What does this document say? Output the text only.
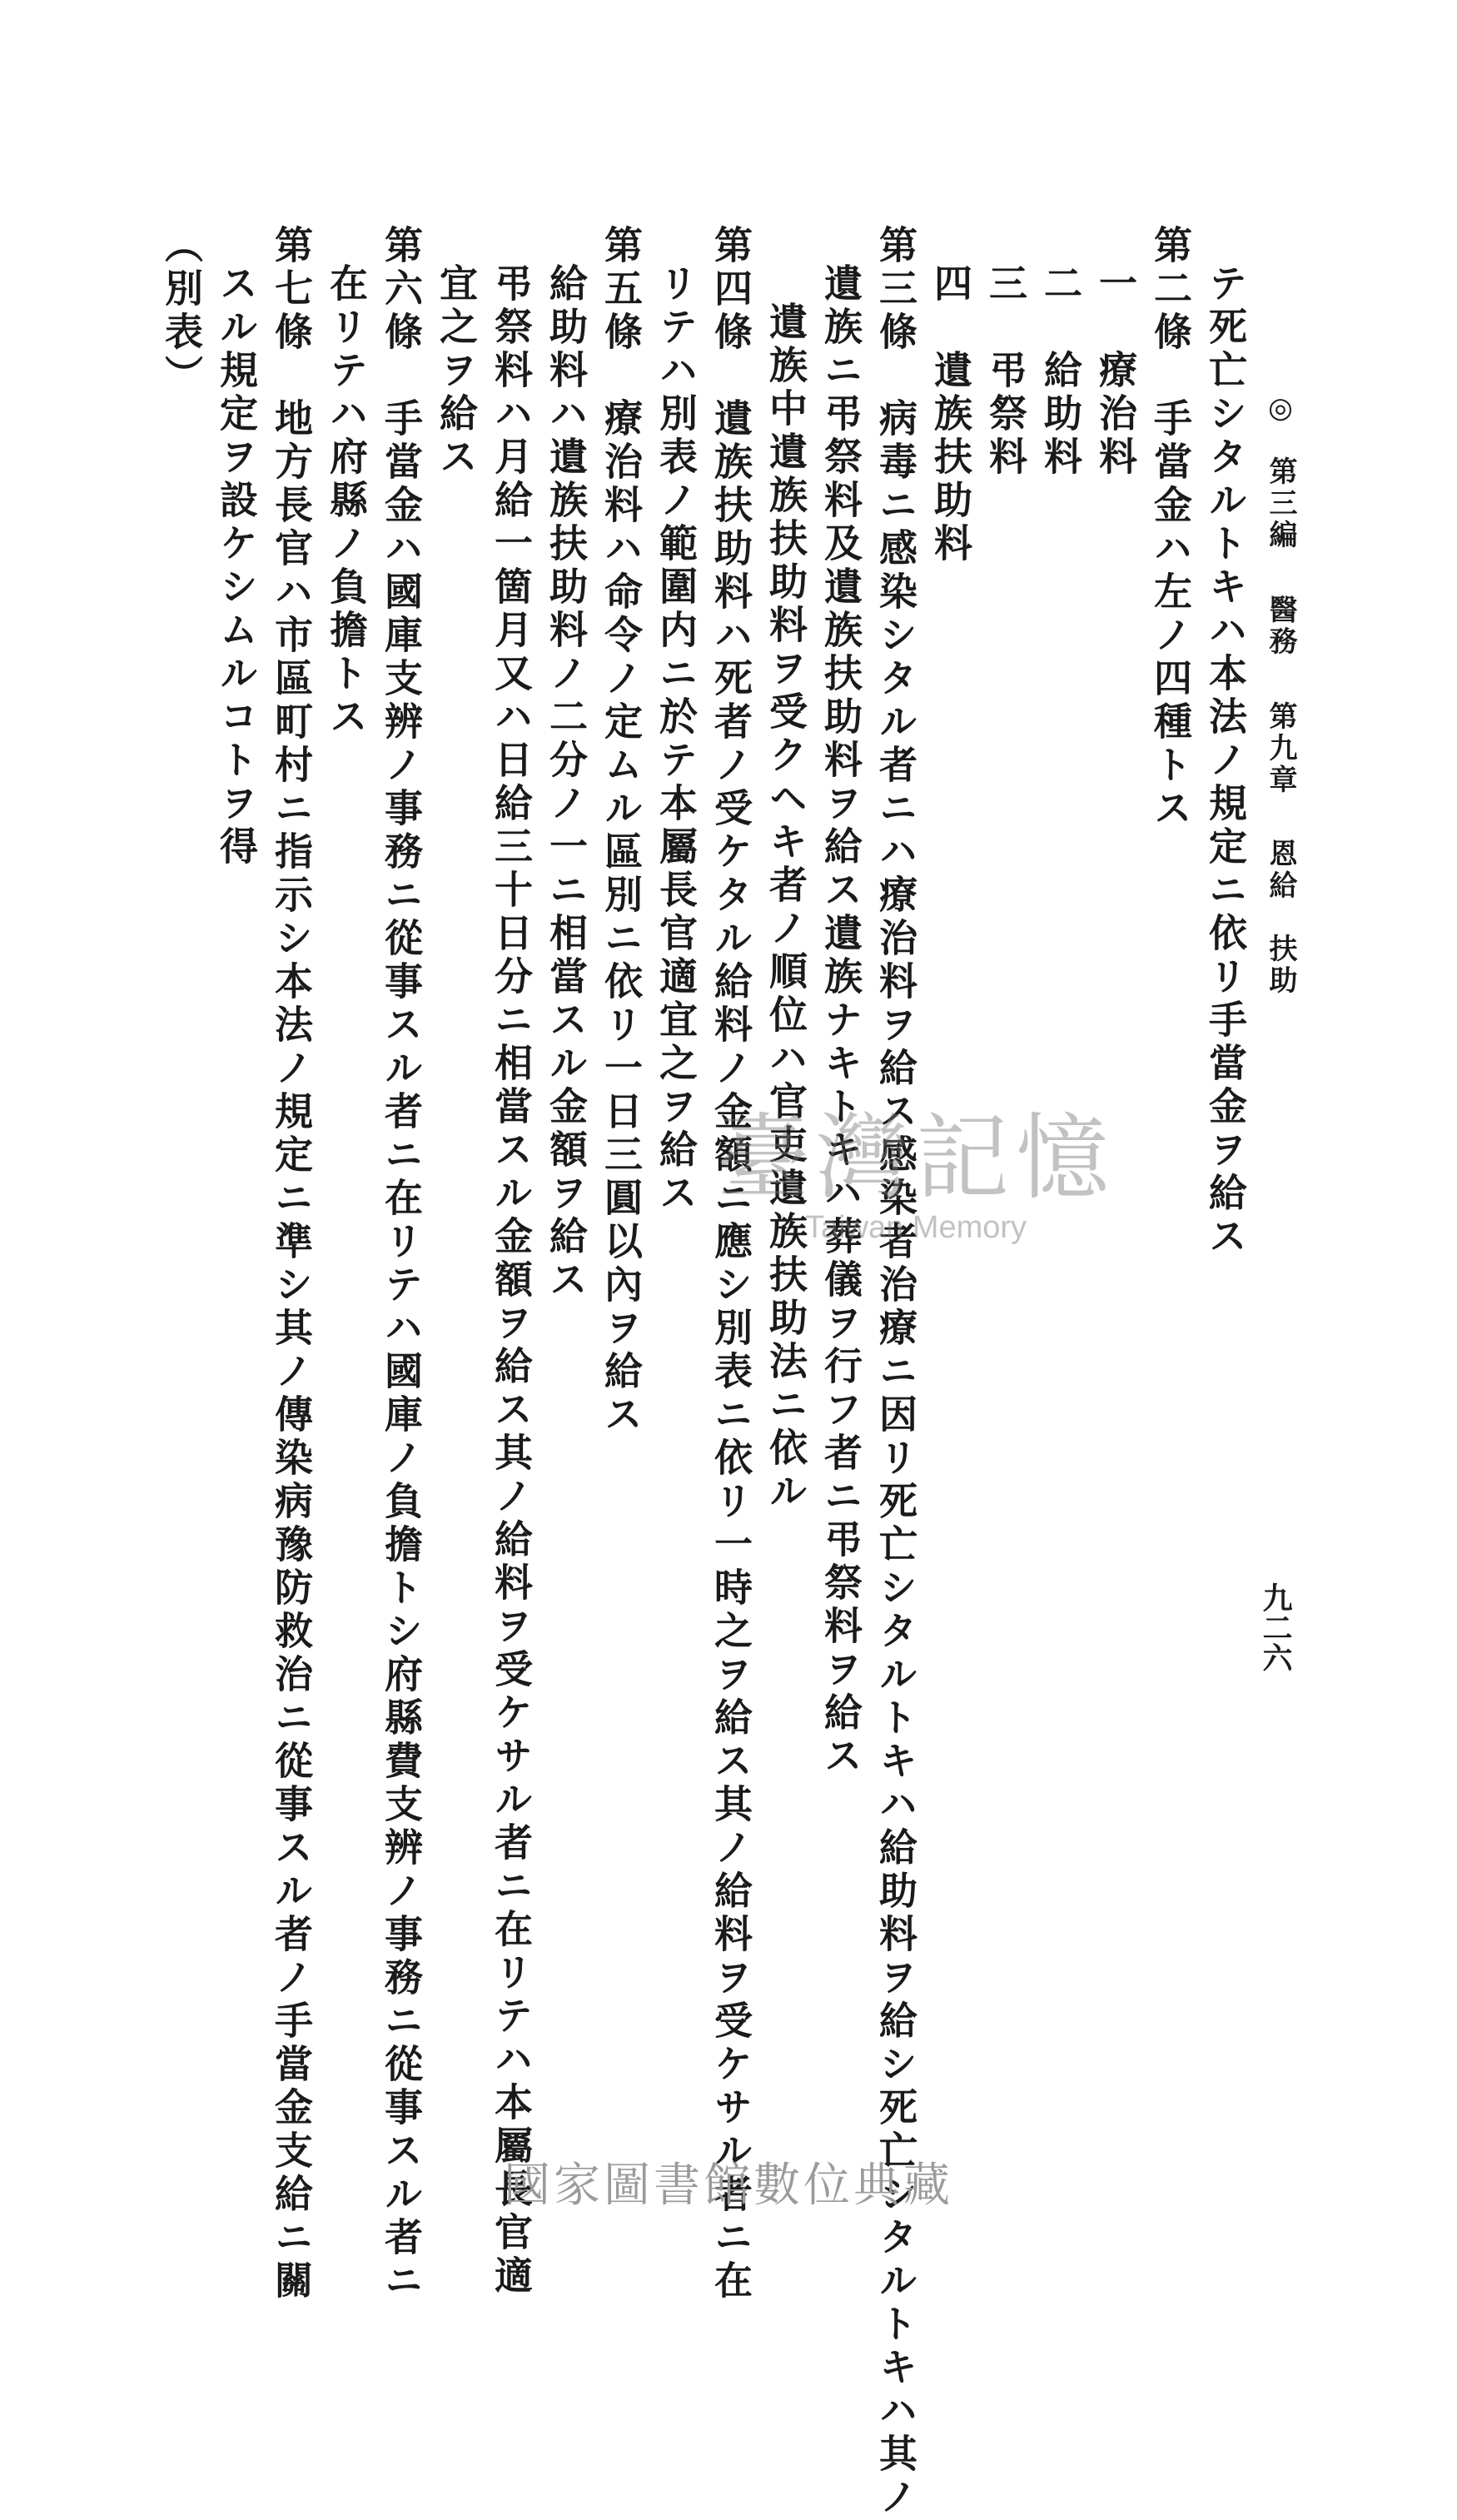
◎ 第三編 醫務 第九章 恩給　扶助
九二六
テ死亡シタルトキハ本法ノ規定ニ依リ手當金ヲ給ス
第二條　手當金ハ左ノ四種トス
一　療治料
二　給助料
三　弔祭料
四　遺族扶助料
第三條　病毒ニ感染シタル者ニハ療治料ヲ給ス感染者治療ニ因リ死亡シタルトキハ給助料ヲ給シ死亡シタルトキハ其ノ
遺族ニ弔祭料及遺族扶助料ヲ給ス遺族ナキトキハ葬儀ヲ行フ者ニ弔祭料ヲ給ス
遺族中遺族扶助料ヲ受クヘキ者ノ順位ハ官吏遺族扶助法ニ依ル
第四條　遺族扶助料ハ死者ノ受ケタル給料ノ金額ニ應シ別表ニ依リ一時之ヲ給ス其ノ給料ヲ受ケサル者ニ在
リテハ別表ノ範圍内ニ於テ本屬長官適宜之ヲ給ス
第五條　療治料ハ命令ノ定ムル區別ニ依リ一日三圓以內ヲ給ス
給助料ハ遺族扶助料ノ二分ノ一ニ相當スル金額ヲ給ス
弔祭料ハ月給一箇月又ハ日給三十日分ニ相當スル金額ヲ給ス其ノ給料ヲ受ケサル者ニ在リテハ本屬長官適
宜之ヲ給ス
第六條　手當金ハ國庫支辨ノ事務ニ從事スル者ニ在リテハ國庫ノ負擔トシ府縣費支辨ノ事務ニ從事スル者ニ
在リテハ府縣ノ負擔トス
第七條　地方長官ハ市區町村ニ指示シ本法ノ規定ニ準シ其ノ傳染病豫防救治ニ從事スル者ノ手當金支給ニ關
スル規定ヲ設ケシムルコトヲ得
（別表）
臺灣記憶
Taiwan Memory
國家圖書館數位典藏
